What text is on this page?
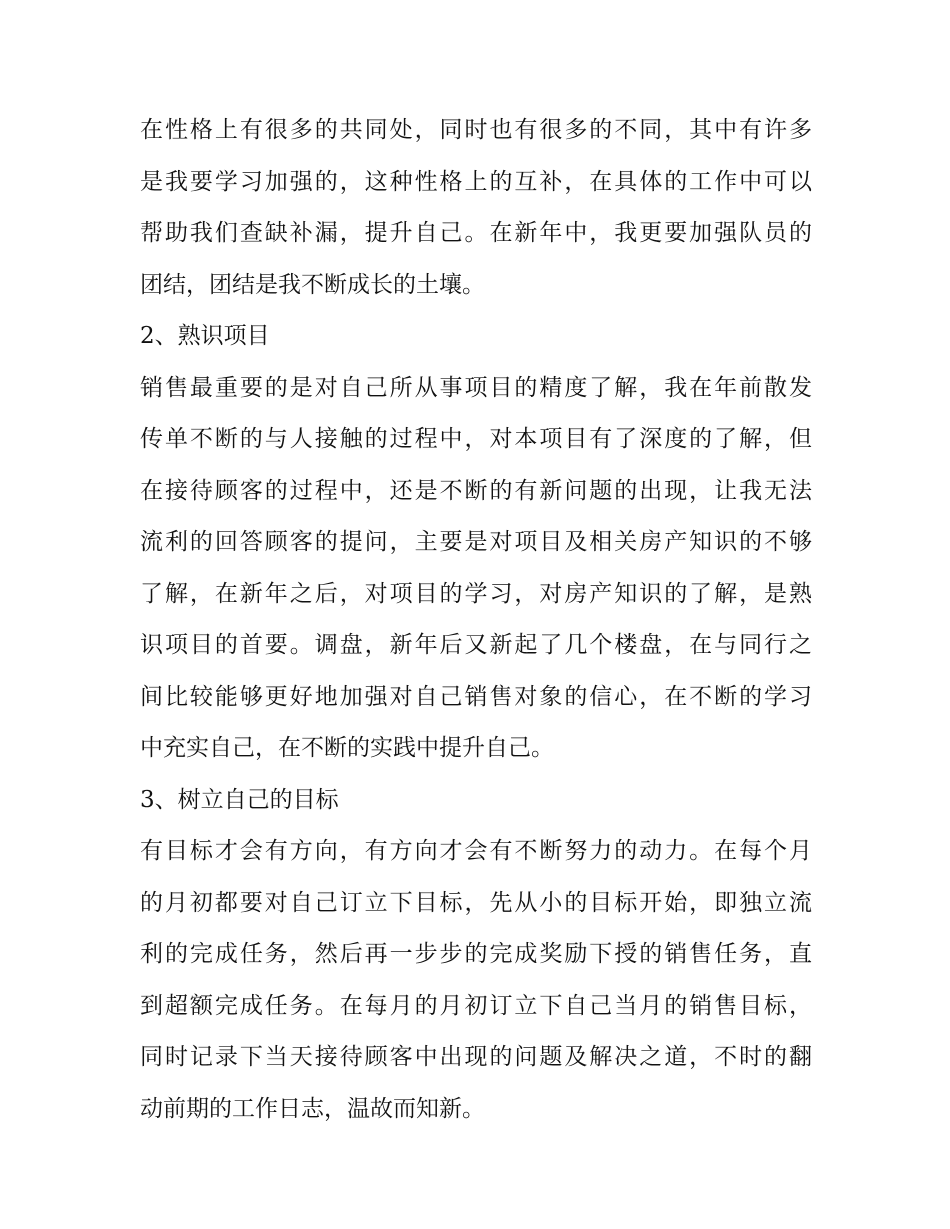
在性格上有很多的共同处，同时也有很多的不同，其中有许多
是我要学习加强的，这种性格上的互补，在具体的工作中可以
帮助我们查缺补漏，提升自己。在新年中，我更要加强队员的
团结，团结是我不断成长的土壤。
2、熟识项目
销售最重要的是对自己所从事项目的精度了解，我在年前散发
传单不断的与人接触的过程中，对本项目有了深度的了解，但
在接待顾客的过程中，还是不断的有新问题的出现，让我无法
流利的回答顾客的提问，主要是对项目及相关房产知识的不够
了解，在新年之后，对项目的学习，对房产知识的了解，是熟
识项目的首要。调盘，新年后又新起了几个楼盘，在与同行之
间比较能够更好地加强对自己销售对象的信心，在不断的学习
中充实自己，在不断的实践中提升自己。
3、树立自己的目标
有目标才会有方向，有方向才会有不断努力的动力。在每个月
的月初都要对自己订立下目标，先从小的目标开始，即独立流
利的完成任务，然后再一步步的完成奖励下授的销售任务，直
到超额完成任务。在每月的月初订立下自己当月的销售目标，
同时记录下当天接待顾客中出现的问题及解决之道，不时的翻
动前期的工作日志，温故而知新。
